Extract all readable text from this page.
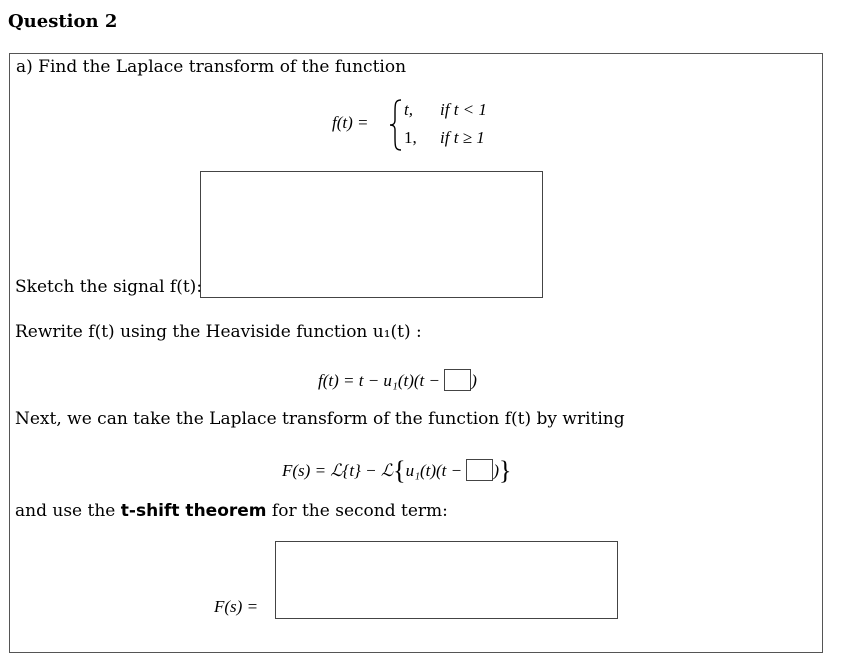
Question 2
a) Find the Laplace transform of the function
f(t) =
t, if t < 1
1, if t ≥ 1
Sketch the signal f(t):
Rewrite f(t) using the Heaviside function u₁(t) :
f(t) = t − u₁(t)(t − )
Next, we can take the Laplace transform of the function f(t) by writing
F(s) = ℒ{t} − ℒ{u₁(t)(t − )}
and use the t-shift theorem for the second term:
F(s) =
